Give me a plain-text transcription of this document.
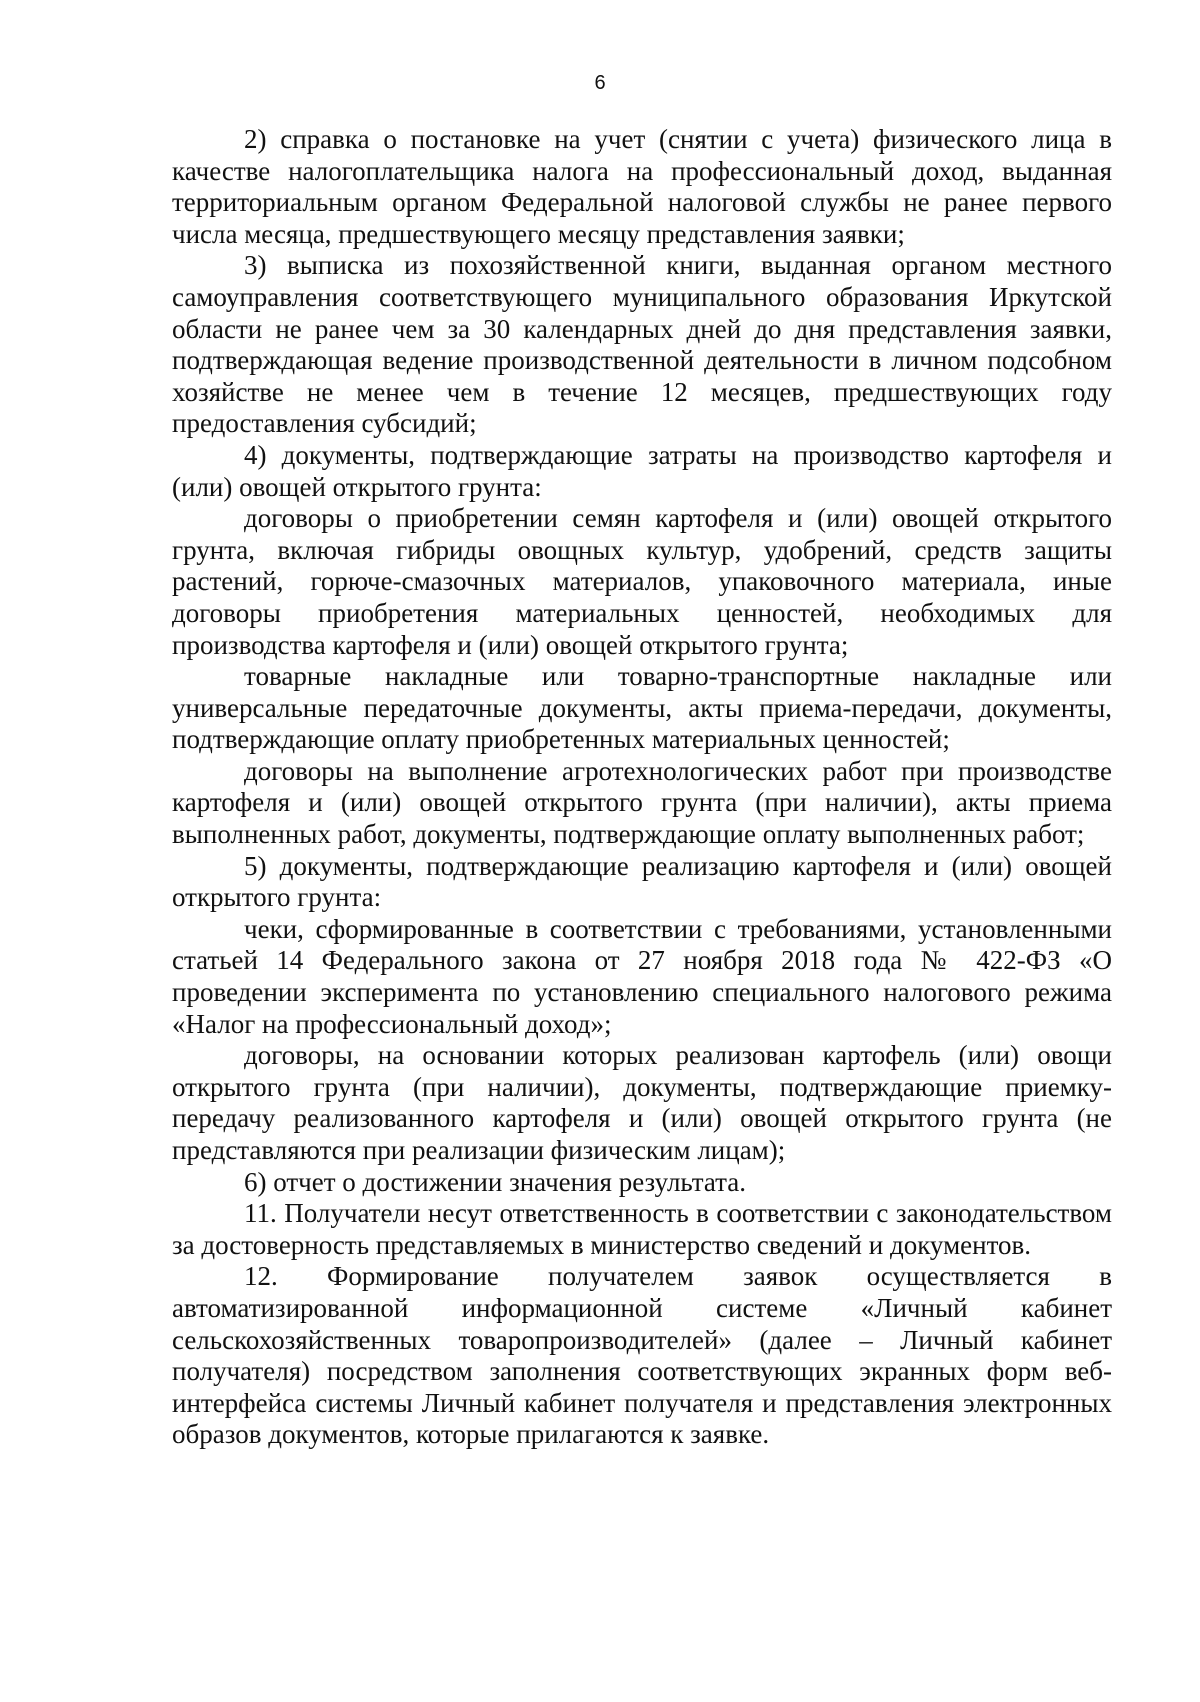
6

2) справка о постановке на учет (снятии с учета) физического лица в качестве налогоплательщика налога на профессиональный доход, выданная территориальным органом Федеральной налоговой службы не ранее первого числа месяца, предшествующего месяцу представления заявки;

3) выписка из похозяйственной книги, выданная органом местного самоуправления соответствующего муниципального образования Иркутской области не ранее чем за 30 календарных дней до дня представления заявки, подтверждающая ведение производственной деятельности в личном подсобном хозяйстве не менее чем в течение 12 месяцев, предшествующих году предоставления субсидий;

4) документы, подтверждающие затраты на производство картофеля и (или) овощей открытого грунта:

договоры о приобретении семян картофеля и (или) овощей открытого грунта, включая гибриды овощных культур, удобрений, средств защиты растений, горюче-смазочных материалов, упаковочного материала, иные договоры приобретения материальных ценностей, необходимых для производства картофеля и (или) овощей открытого грунта;

товарные накладные или товарно-транспортные накладные или универсальные передаточные документы, акты приема-передачи, документы, подтверждающие оплату приобретенных материальных ценностей;

договоры на выполнение агротехнологических работ при производстве картофеля и (или) овощей открытого грунта (при наличии), акты приема выполненных работ, документы, подтверждающие оплату выполненных работ;

5) документы, подтверждающие реализацию картофеля и (или) овощей открытого грунта:

чеки, сформированные в соответствии с требованиями, установленными статьей 14 Федерального закона от 27 ноября 2018 года № 422-ФЗ «О проведении эксперимента по установлению специального налогового режима «Налог на профессиональный доход»;

договоры, на основании которых реализован картофель (или) овощи открытого грунта (при наличии), документы, подтверждающие приемку-передачу реализованного картофеля и (или) овощей открытого грунта (не представляются при реализации физическим лицам);

6) отчет о достижении значения результата.

11. Получатели несут ответственность в соответствии с законодательством за достоверность представляемых в министерство сведений и документов.

12. Формирование получателем заявок осуществляется в автоматизированной информационной системе «Личный кабинет сельскохозяйственных товаропроизводителей» (далее – Личный кабинет получателя) посредством заполнения соответствующих экранных форм веб-интерфейса системы Личный кабинет получателя и представления электронных образов документов, которые прилагаются к заявке.
